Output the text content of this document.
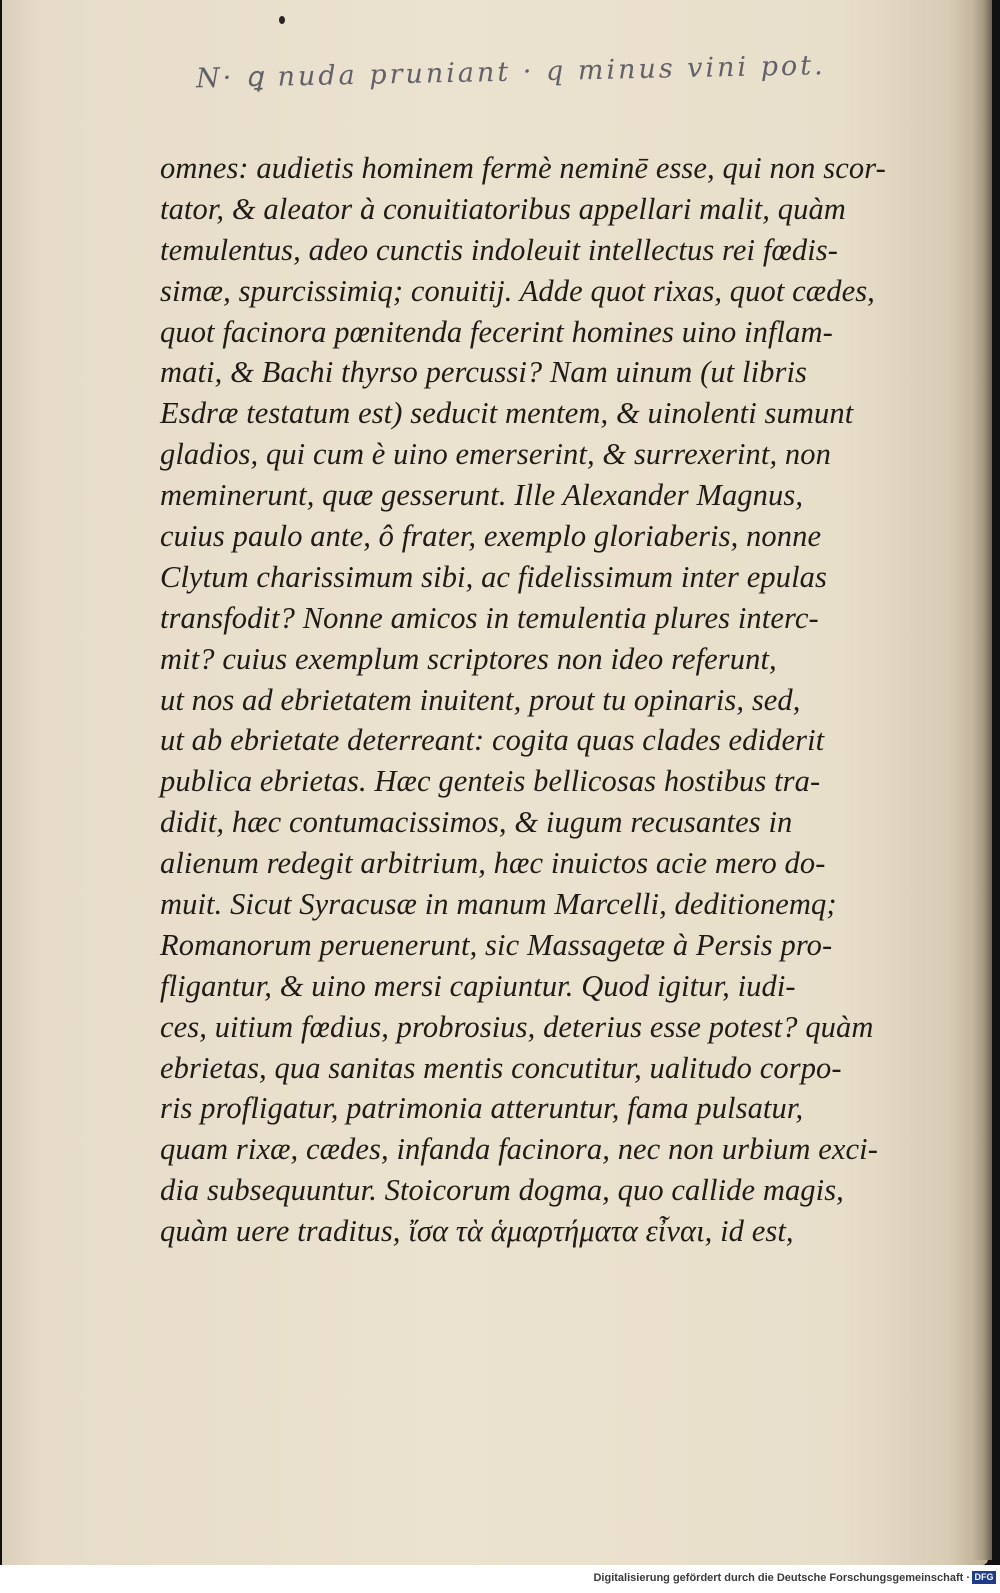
N· ꝗ nuda pruniant · q minus vini pot.
omnes: audietis hominem fermè neminē esse, qui non scor-
tator, & aleator à conuitiatoribus appellari malit, quàm
temulentus, adeo cunctis indoleuit intellectus rei fœdis-
simæ, spurcissimiq; conuitij. Adde quot rixas, quot cædes,
quot facinora pœnitenda fecerint homines uino inflam-
mati, & Bachi thyrso percussi? Nam uinum (ut libris
Esdræ testatum est) seducit mentem, & uinolenti sumunt
gladios, qui cum è uino emerserint, & surrexerint, non
meminerunt, quæ gesserunt. Ille Alexander Magnus,
cuius paulo ante, ô frater, exemplo gloriaberis, nonne
Clytum charissimum sibi, ac fidelissimum inter epulas
transfodit? Nonne amicos in temulentia plures interc-
mit? cuius exemplum scriptores non ideo referunt,
ut nos ad ebrietatem inuitent, prout tu opinaris, sed,
ut ab ebrietate deterreant: cogita quas clades ediderit
publica ebrietas. Hæc genteis bellicosas hostibus tra-
didit, hæc contumacissimos, & iugum recusantes in
alienum redegit arbitrium, hæc inuictos acie mero do-
muit. Sicut Syracusæ in manum Marcelli, deditionemq;
Romanorum peruenerunt, sic Massagetæ à Persis pro-
fligantur, & uino mersi capiuntur. Quod igitur, iudi-
ces, uitium fœdius, probrosius, deterius esse potest? quàm
ebrietas, qua sanitas mentis concutitur, ualitudo corpo-
ris profligatur, patrimonia atteruntur, fama pulsatur,
quam rixæ, cædes, infanda facinora, nec non urbium exci-
dia subsequuntur. Stoicorum dogma, quo callide magis,
quàm uere traditus, ἴσα τὰ ἁμαρτήματα εἶναι, id est,
Digitalisierung gefördert durch die Deutsche Forschungsgemeinschaft · DFG
